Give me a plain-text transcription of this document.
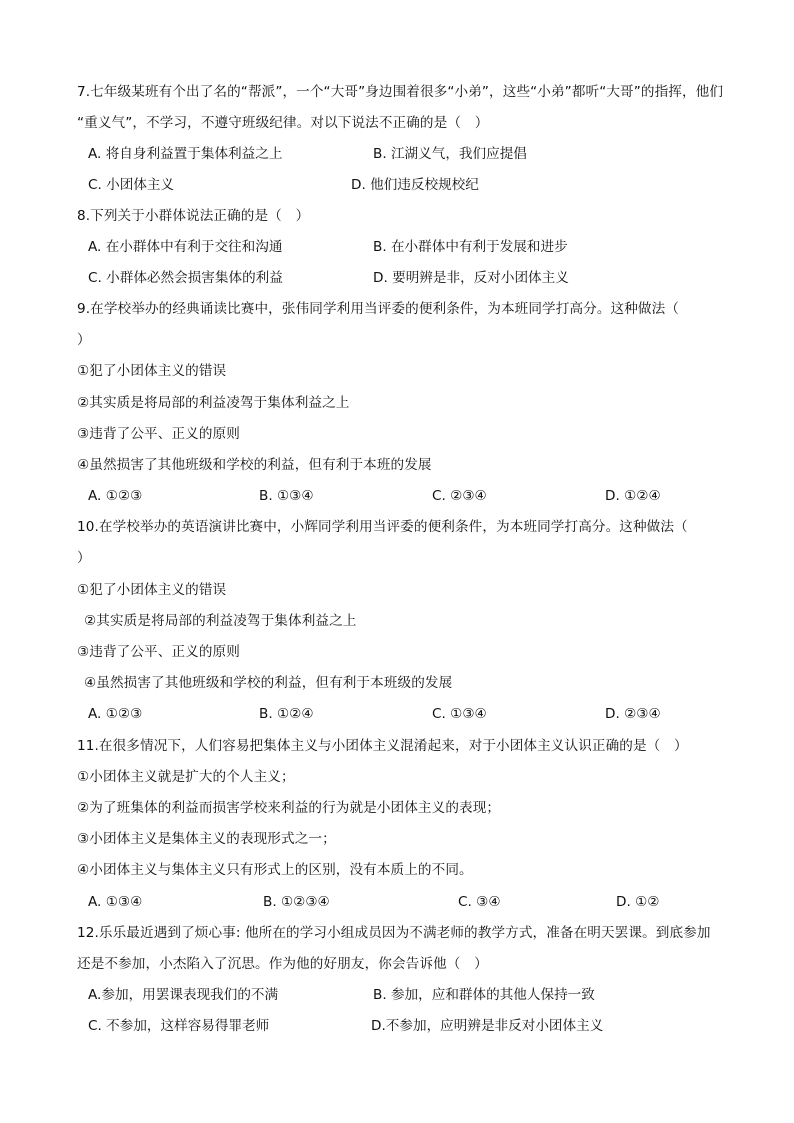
7.七年级某班有个出了名的“帮派”，一个“大哥”身边围着很多“小弟”，这些“小弟”都听“大哥”的指挥，他们
“重义气”，不学习，不遵守班级纪律。对以下说法不正确的是（　）
A. 将自身利益置于集体利益之上	B. 江湖义气，我们应提倡
C. 小团体主义	D. 他们违反校规校纪
8.下列关于小群体说法正确的是（　）
A. 在小群体中有利于交往和沟通	B. 在小群体中有利于发展和进步
C. 小群体必然会损害集体的利益	D. 要明辨是非，反对小团体主义
9.在学校举办的经典诵读比赛中，张伟同学利用当评委的便利条件，为本班同学打高分。这种做法（
）
①犯了小团体主义的错误
②其实质是将局部的利益凌驾于集体利益之上
③违背了公平、正义的原则
④虽然损害了其他班级和学校的利益，但有利于本班的发展
A. ①②③	B. ①③④	C. ②③④	D. ①②④
10.在学校举办的英语演讲比赛中，小辉同学利用当评委的便利条件，为本班同学打高分。这种做法（
）
①犯了小团体主义的错误
②其实质是将局部的利益凌驾于集体利益之上
③违背了公平、正义的原则
④虽然损害了其他班级和学校的利益，但有利于本班级的发展
A. ①②③	B. ①②④	C. ①③④	D. ②③④
11.在很多情况下，人们容易把集体主义与小团体主义混淆起来，对于小团体主义认识正确的是（　）
①小团体主义就是扩大的个人主义；
②为了班集体的利益而损害学校来利益的行为就是小团体主义的表现；
③小团体主义是集体主义的表现形式之一；
④小团体主义与集体主义只有形式上的区别，没有本质上的不同。
A. ①③④	B. ①②③④	C. ③④	D. ①②
12.乐乐最近遇到了烦心事: 他所在的学习小组成员因为不满老师的教学方式，准备在明天罢课。到底参加
还是不参加，小杰陷入了沉思。作为他的好朋友，你会告诉他（　）
A.参加，用罢课表现我们的不满	B. 参加，应和群体的其他人保持一致
C. 不参加，这样容易得罪老师	D.不参加，应明辨是非反对小团体主义
